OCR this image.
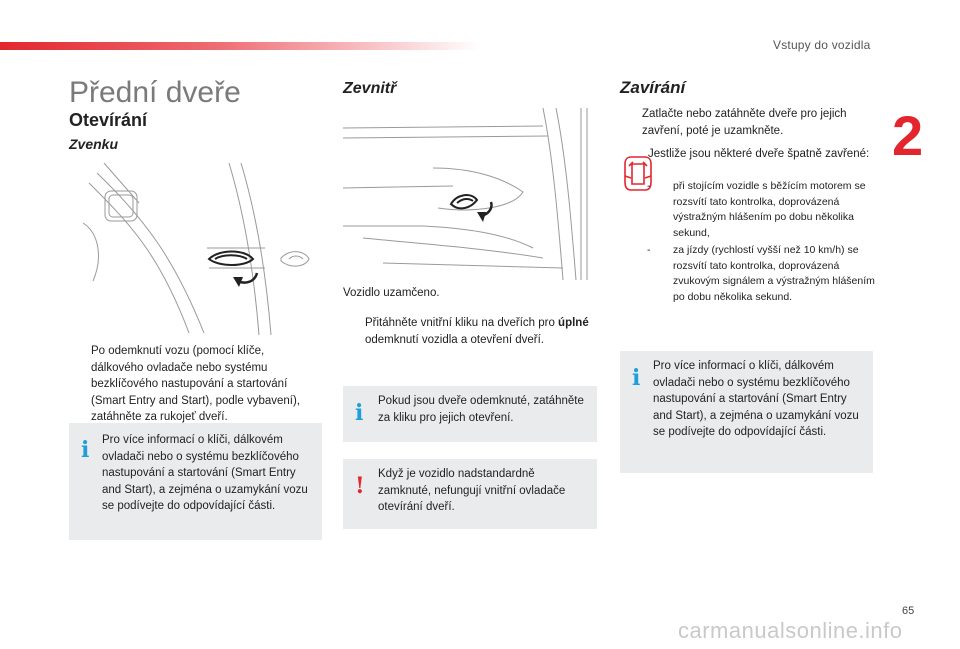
Vstupy do vozidla
2
Přední dveře
Otevírání
Zvenku
Po odemknutí vozu (pomocí klíče, dálkového ovladače nebo systému bezklíčového nastupování a startování (Smart Entry and Start), podle vybavení), zatáhněte za rukojeť dveří.
i Pro více informací o klíči, dálkovém ovladači nebo o systému bezklíčového nastupování a startování (Smart Entry and Start), a zejména o uzamykání vozu se podívejte do odpovídající části.
Zevnitř
Vozidlo uzamčeno.
Přitáhněte vnitřní kliku na dveřích pro úplné odemknutí vozidla a otevření dveří.
i Pokud jsou dveře odemknuté, zatáhněte za kliku pro jejich otevření.
! Když je vozidlo nadstandardně zamknuté, nefungují vnitřní ovladače otevírání dveří.
Zavírání
Zatlačte nebo zatáhněte dveře pro jejich zavření, poté je uzamkněte.
Jestliže jsou některé dveře špatně zavřené:
- při stojícím vozidle s běžícím motorem se rozsvítí tato kontrolka, doprovázená výstražným hlášením po dobu několika sekund,
- za jízdy (rychlostí vyšší než 10 km/h) se rozsvítí tato kontrolka, doprovázená zvukovým signálem a výstražným hlášením po dobu několika sekund.
i Pro více informací o klíči, dálkovém ovladači nebo o systému bezklíčového nastupování a startování (Smart Entry and Start), a zejména o uzamykání vozu se podívejte do odpovídající části.
65
carmanualsonline.info
